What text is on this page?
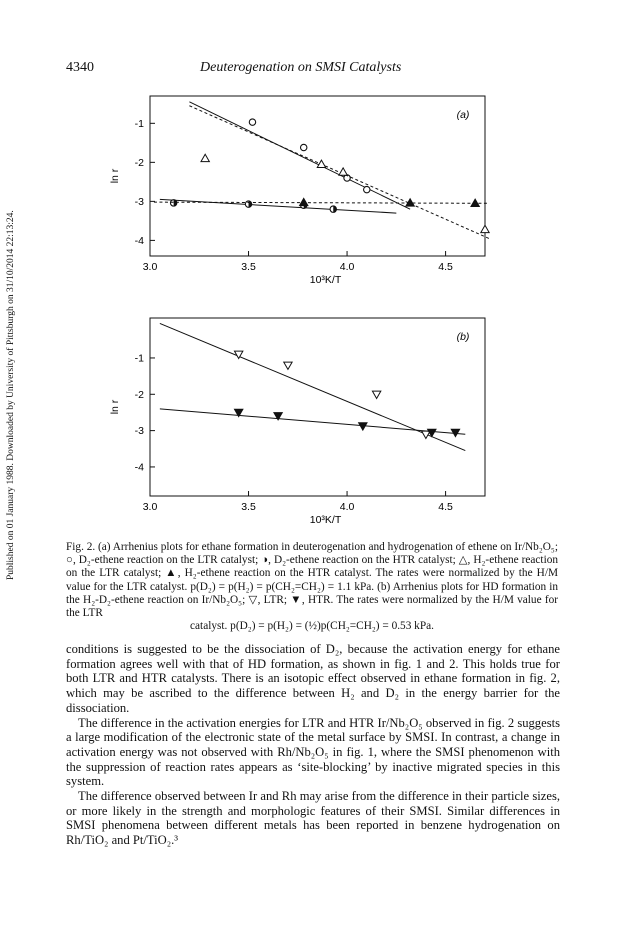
Published on 01 January 1988. Downloaded by University of Pittsburgh on 31/10/2014 22:13:24.
4340	Deuterogenation on SMSI Catalysts
3.0	3.5	4.0	4.5
-1
-2
-3
-4
10³K/T
ln r
(a)
3.0	3.5	4.0	4.5
-1
-2
-3
-4
10³K/T
ln r
(b)
Fig. 2. (a) Arrhenius plots for ethane formation in deuterogenation and hydrogenation of ethene on Ir/Nb₂O₅; ○, D₂-ethene reaction on the LTR catalyst; ◑, D₂-ethene reaction on the HTR catalyst; △, H₂-ethene reaction on the LTR catalyst; ▲, H₂-ethene reaction on the HTR catalyst. The rates were normalized by the H/M value for the LTR catalyst. p(D₂) = p(H₂) = p(CH₂=CH₂) = 1.1 kPa. (b) Arrhenius plots for HD formation in the H₂-D₂-ethene reaction on Ir/Nb₂O₅; ▽, LTR; ▼, HTR. The rates were normalized by the H/M value for the LTR
catalyst. p(D₂) = p(H₂) = (½)p(CH₂=CH₂) = 0.53 kPa.

conditions is suggested to be the dissociation of D₂, because the activation energy for ethane formation agrees well with that of HD formation, as shown in fig. 1 and 2. This holds true for both LTR and HTR catalysts. There is an isotopic effect observed in ethane formation in fig. 2, which may be ascribed to the difference between H₂ and D₂ in the energy barrier for the dissociation.

The difference in the activation energies for LTR and HTR Ir/Nb₂O₅ observed in fig. 2 suggests a large modification of the electronic state of the metal surface by SMSI. In contrast, a change in activation energy was not observed with Rh/Nb₂O₅ in fig. 1, where the SMSI phenomenon with the suppression of reaction rates appears as ‘site-blocking’ by inactive migrated species in this system.

The difference observed between Ir and Rh may arise from the difference in their particle sizes, or more likely in the strength and morphologic features of their SMSI. Similar differences in SMSI phenomena between different metals has been reported in benzene hydrogenation on Rh/TiO₂ and Pt/TiO₂.³
